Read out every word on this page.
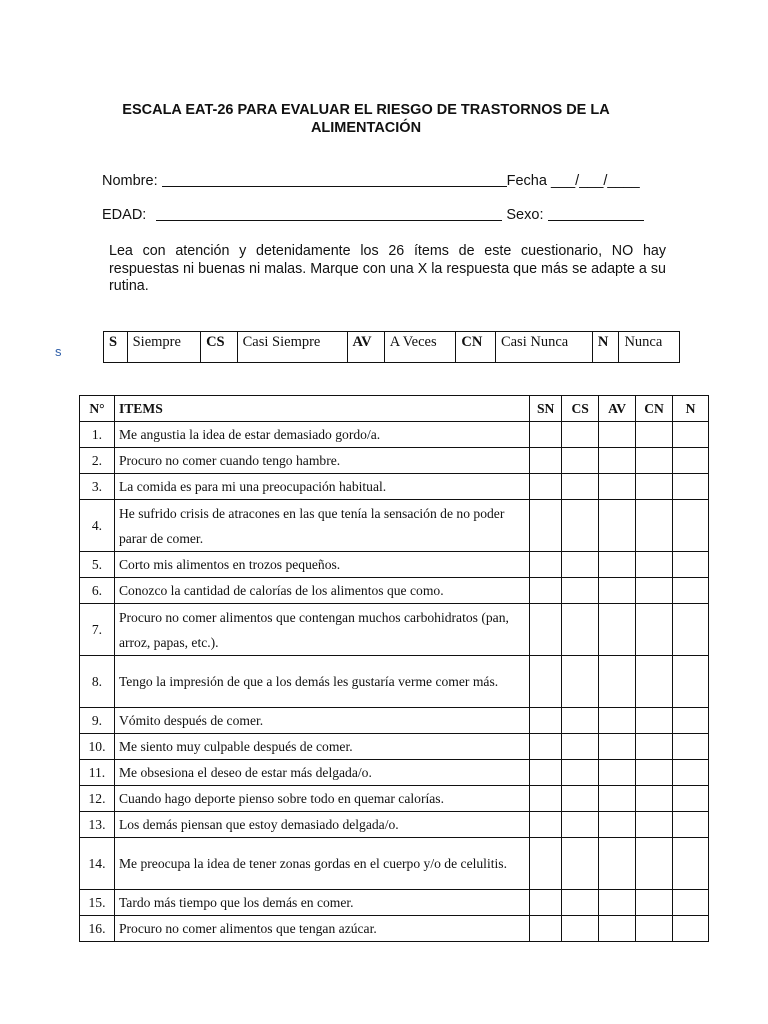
ESCALA EAT-26 PARA EVALUAR EL RIESGO DE TRASTORNOS DE LA
ALIMENTACIÓN
Nombre:	Fecha ___/___/____
EDAD:	Sexo:
Lea con atención y detenidamente los 26 ítems de este cuestionario, NO hay respuestas ni buenas ni malas. Marque con una X la respuesta que más se adapte a su rutina.
s
S	Siempre	CS	Casi Siempre	AV	A Veces	CN	Casi Nunca	N	Nunca
N°	ITEMS	SN	CS	AV	CN	N
1.	Me angustia la idea de estar demasiado gordo/a.					
2.	Procuro no comer cuando tengo hambre.					
3.	La comida es para mi una preocupación habitual.					
4.	He sufrido crisis de atracones en las que tenía la sensación de no poder parar de comer.					
5.	Corto mis alimentos en trozos pequeños.					
6.	Conozco la cantidad de calorías de los alimentos que como.					
7.	Procuro no comer alimentos que contengan muchos carbohidratos (pan, arroz, papas, etc.).					
8.	Tengo la impresión de que a los demás les gustaría verme comer más.					
9.	Vómito después de comer.					
10.	Me siento muy culpable después de comer.					
11.	Me obsesiona el deseo de estar más delgada/o.					
12.	Cuando hago deporte pienso sobre todo en quemar calorías.					
13.	Los demás piensan que estoy demasiado delgada/o.					
14.	Me preocupa la idea de tener zonas gordas en el cuerpo y/o de celulitis.					
15.	Tardo más tiempo que los demás en comer.					
16.	Procuro no comer alimentos que tengan azúcar.					
